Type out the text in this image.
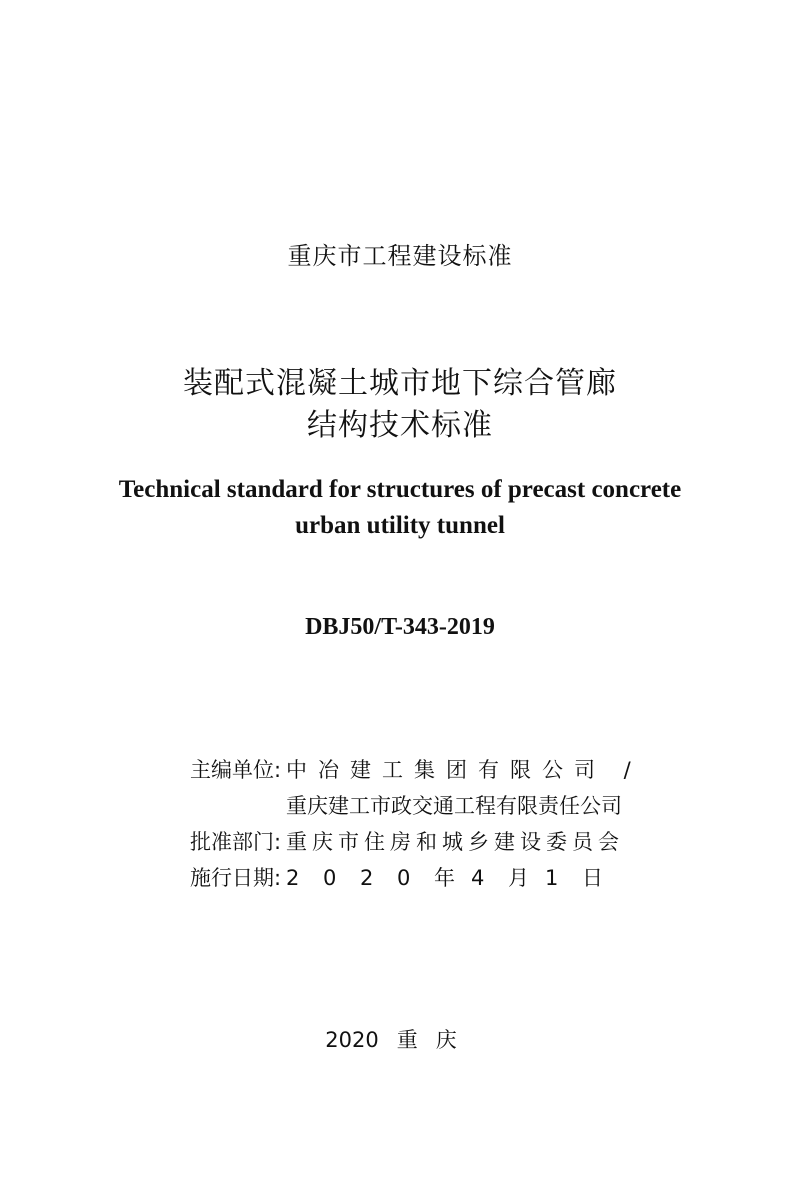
重庆市工程建设标准
装配式混凝土城市地下综合管廊
结构技术标准
Technical standard for structures of precast concrete
urban utility tunnel
DBJ50/T-343-2019
主编单位: 中冶建工集团有限公司 /
重庆建工市政交通工程有限责任公司
批准部门: 重庆市住房和城乡建设委员会
施行日期: 2 0 2 0 年 4 月 1 日
2020 重庆
